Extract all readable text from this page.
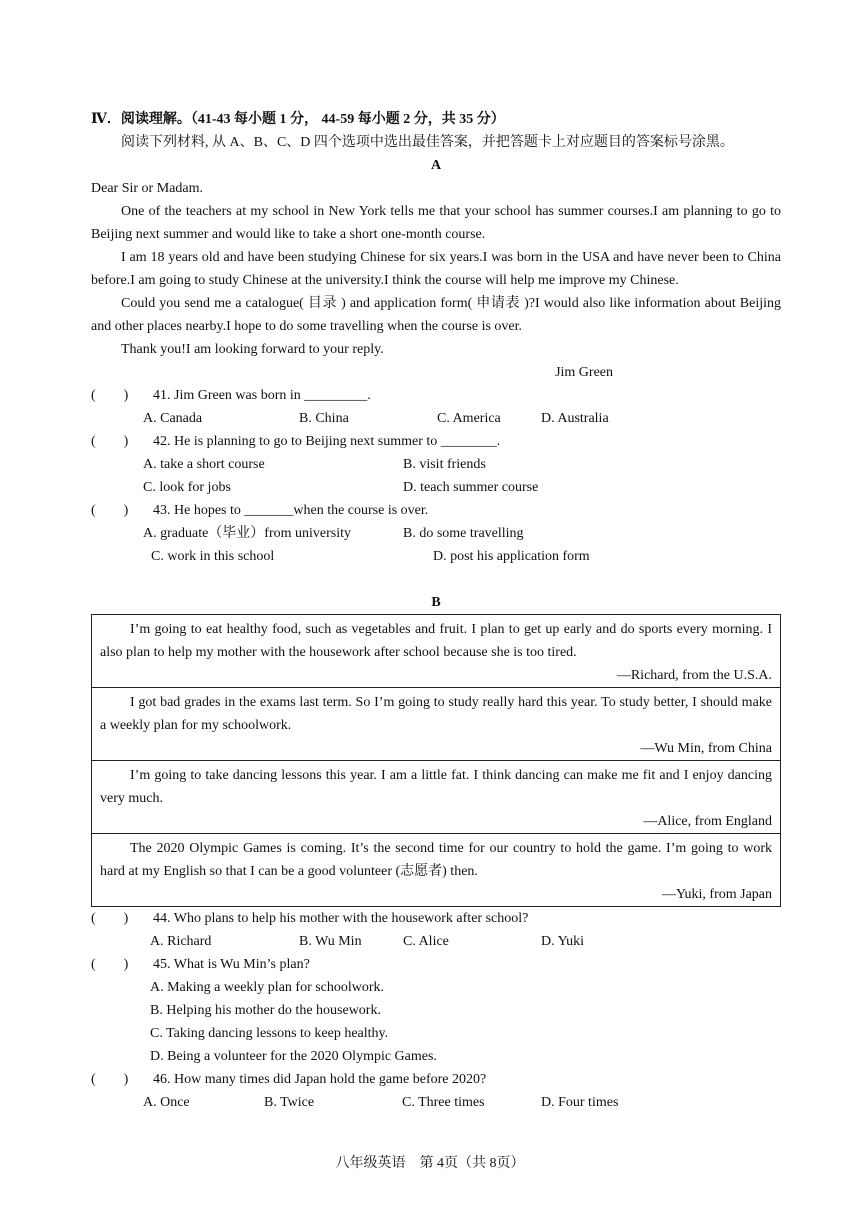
Ⅳ．阅读理解。（41-43 每小题 1 分， 44-59 每小题 2 分，共 35 分）
阅读下列材料, 从 A、B、C、D 四个选项中选出最佳答案，并把答题卡上对应题目的答案标号涂黑。
A
Dear Sir or Madam.
One of the teachers at my school in New York tells me that your school has summer courses.I am planning to go to Beijing next summer and would like to take a short one-month course.
I am 18 years old and have been studying Chinese for six years.I was born in the USA and have never been to China before.I am going to study Chinese at the university.I think the course will help me improve my Chinese.
Could you send me a catalogue( 目录 ) and application form( 申请表 )?I would also like information about Beijing and other places nearby.I hope to do some travelling when the course is over.
Thank you!I am looking forward to your reply.
Jim Green
(　　)	41. Jim Green was born in _________.
A. Canada	B. China	C. America	D. Australia
(　　)	42. He is planning to go to Beijing next summer to ________.
A. take a short course	B. visit friends
C. look for jobs	D. teach summer course
(　　)	43. He hopes to _______when the course is over.
A. graduate（毕业）from university	B. do some travelling
C. work in this school	D. post his application form
B
I’m going to eat healthy food, such as vegetables and fruit. I plan to get up early and do sports every morning. I also plan to help my mother with the housework after school because she is too tired.
—Richard, from the U.S.A.
I got bad grades in the exams last term. So I’m going to study really hard this year. To study better, I should make a weekly plan for my schoolwork.
—Wu Min, from China
I’m going to take dancing lessons this year. I am a little fat. I think dancing can make me fit and I enjoy dancing very much.
—Alice, from England
The 2020 Olympic Games is coming. It’s the second time for our country to hold the game. I’m going to work hard at my English so that I can be a good volunteer (志愿者) then.
—Yuki, from Japan
(　　)	44. Who plans to help his mother with the housework after school?
A. Richard	B. Wu Min	C. Alice	D. Yuki
(　　)	45. What is Wu Min’s plan?
A. Making a weekly plan for schoolwork.
B. Helping his mother do the housework.
C. Taking dancing lessons to keep healthy.
D. Being a volunteer for the 2020 Olympic Games.
(　　)	46. How many times did Japan hold the game before 2020?
A. Once	B. Twice	C. Three times	D. Four times
八年级英语　第 4页（共 8页）
